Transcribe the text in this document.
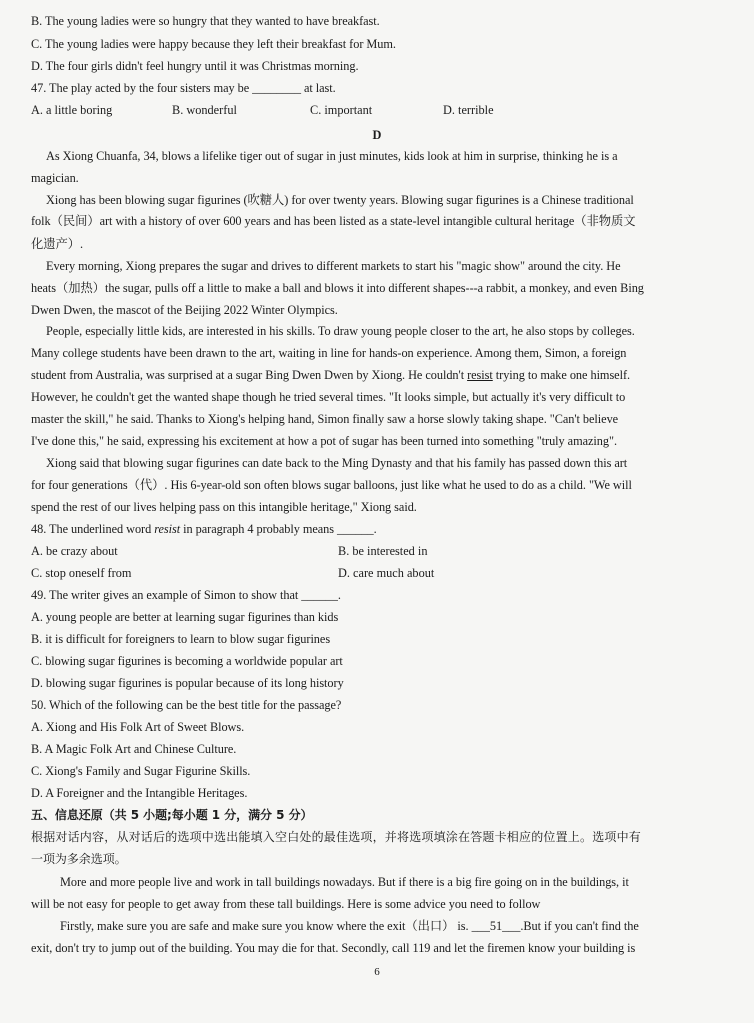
B. The young ladies were so hungry that they wanted to have breakfast.
C. The young ladies were happy because they left their breakfast for Mum.
D. The four girls didn't feel hungry until it was Christmas morning.
47. The play acted by the four sisters may be ________ at last.
A. a little boring	B. wonderful	C. important	D. terrible
D
As Xiong Chuanfa, 34, blows a lifelike tiger out of sugar in just minutes, kids look at him in surprise, thinking he is a
magician.
Xiong has been blowing sugar figurines (吹糖人) for over twenty years. Blowing sugar figurines is a Chinese traditional
folk（民间）art with a history of over 600 years and has been listed as a state-level intangible cultural heritage（非物质文
化遗产）.
Every morning, Xiong prepares the sugar and drives to different markets to start his "magic show" around the city. He
heats（加热）the sugar, pulls off a little to make a ball and blows it into different shapes---a rabbit, a monkey, and even Bing
Dwen Dwen, the mascot of the Beijing 2022 Winter Olympics.
People, especially little kids, are interested in his skills. To draw young people closer to the art, he also stops by colleges.
Many college students have been drawn to the art, waiting in line for hands-on experience. Among them, Simon, a foreign
student from Australia, was surprised at a sugar Bing Dwen Dwen by Xiong. He couldn't resist trying to make one himself.
However, he couldn't get the wanted shape though he tried several times. "It looks simple, but actually it's very difficult to
master the skill," he said. Thanks to Xiong's helping hand, Simon finally saw a horse slowly taking shape. "Can't believe
I've done this," he said, expressing his excitement at how a pot of sugar has been turned into something "truly amazing".
Xiong said that blowing sugar figurines can date back to the Ming Dynasty and that his family has passed down this art
for four generations（代）. His 6-year-old son often blows sugar balloons, just like what he used to do as a child. "We will
spend the rest of our lives helping pass on this intangible heritage," Xiong said.
48. The underlined word resist in paragraph 4 probably means ______.
A. be crazy about	B. be interested in
C. stop oneself from	D. care much about
49. The writer gives an example of Simon to show that ______.
A. young people are better at learning sugar figurines than kids
B. it is difficult for foreigners to learn to blow sugar figurines
C. blowing sugar figurines is becoming a worldwide popular art
D. blowing sugar figurines is popular because of its long history
50. Which of the following can be the best title for the passage?
A. Xiong and His Folk Art of Sweet Blows.
B. A Magic Folk Art and Chinese Culture.
C. Xiong's Family and Sugar Figurine Skills.
D. A Foreigner and the Intangible Heritages.
五、信息还原（共 5 小题;每小题 1 分，满分 5 分）
根据对话内容，从对话后的选项中选出能填入空白处的最佳选项，并将选项填涂在答题卡相应的位置上。选项中有
一项为多余选项。
More and more people live and work in tall buildings nowadays. But if there is a big fire going on in the buildings, it
will be not easy for people to get away from these tall buildings. Here is some advice you need to follow
Firstly, make sure you are safe and make sure you know where the exit（出口） is. ___51___.But if you can't find the
exit, don't try to jump out of the building. You may die for that. Secondly, call 119 and let the firemen know your building is
6
